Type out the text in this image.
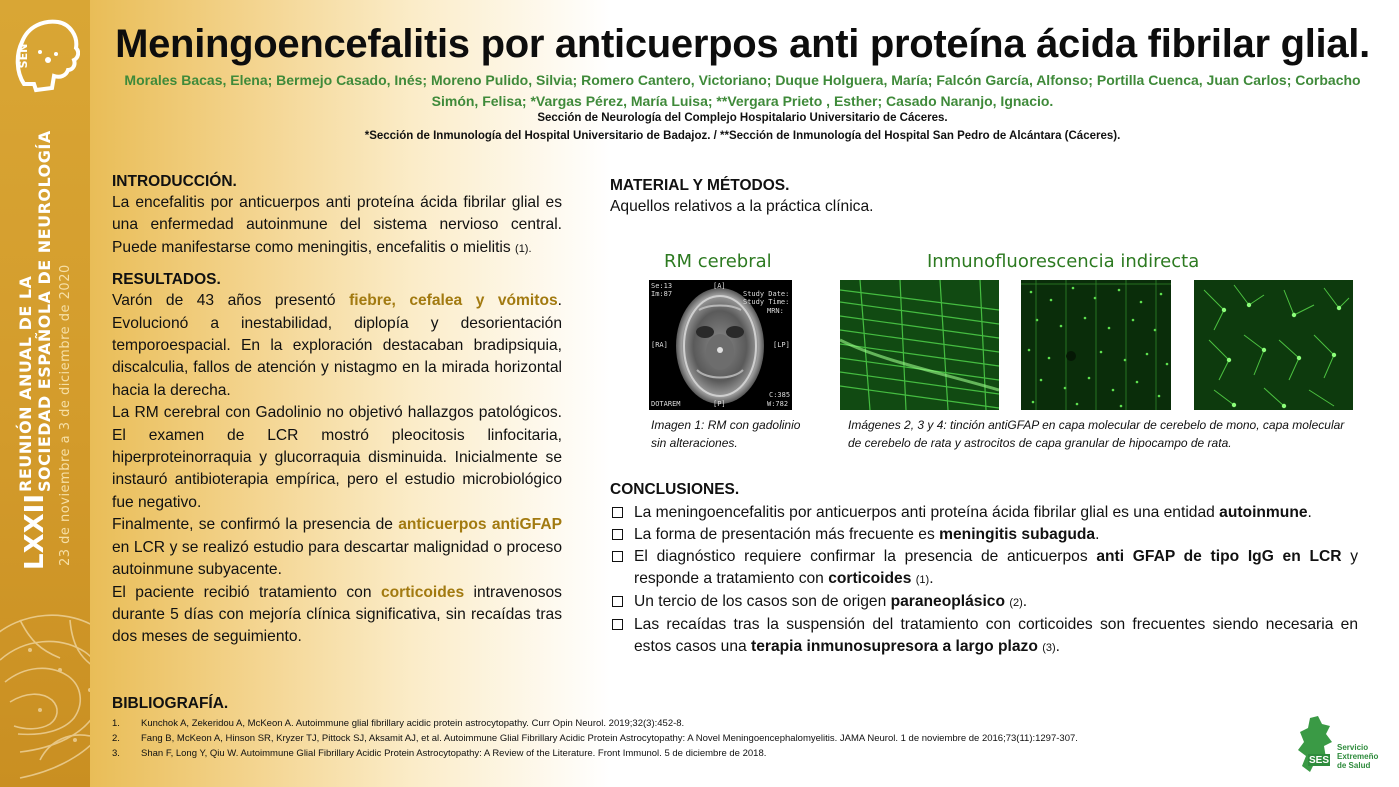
SEN
LXXII
REUNIÓN ANUAL DE LA SOCIEDAD ESPAÑOLA DE NEUROLOGÍA 23 de noviembre a 3 de diciembre de 2020
Meningoencefalitis por anticuerpos anti proteína ácida fibrilar glial.
Morales Bacas, Elena; Bermejo Casado, Inés; Moreno Pulido, Silvia; Romero Cantero, Victoriano; Duque Holguera, María; Falcón García, Alfonso; Portilla Cuenca, Juan Carlos; Corbacho Simón, Felisa; *Vargas Pérez, María Luisa; **Vergara Prieto , Esther; Casado Naranjo, Ignacio.
Sección de Neurología del Complejo Hospitalario Universitario de Cáceres.
*Sección de Inmunología del Hospital Universitario de Badajoz. / **Sección de Inmunología del Hospital San Pedro de Alcántara (Cáceres).
INTRODUCCIÓN.

La encefalitis por anticuerpos anti proteína ácida fibrilar glial es una enfermedad autoinmune del sistema nervioso central. Puede manifestarse como meningitis, encefalitis o mielitis (1).

RESULTADOS.

Varón de 43 años presentó fiebre, cefalea y vómitos. Evolucionó a inestabilidad, diplopía y desorientación temporoespacial. En la exploración destacaban bradipsiquia, discalculia, fallos de atención y nistagmo en la mirada horizontal hacia la derecha.

La RM cerebral con Gadolinio no objetivó hallazgos patológicos. El examen de LCR mostró pleocitosis linfocitaria, hiperproteinorraquia y glucorraquia disminuida. Inicialmente se instauró antibioterapia empírica, pero el estudio microbiológico fue negativo.

Finalmente, se confirmó la presencia de anticuerpos antiGFAP en LCR y se realizó estudio para descartar malignidad o proceso autoinmune subyacente.

El paciente recibió tratamiento con corticoides intravenosos durante 5 días con mejoría clínica significativa, sin recaídas tras dos meses de seguimiento.

MATERIAL Y MÉTODOS.
Aquellos relativos a la práctica clínica.
RM cerebral	Inmunofluorescencia indirecta
Se:13
Im:87
[A]
Study Date:
Study Time:
MRN:
[RA]	[LP]
C:385
W:782
DOTAREM	[P]
Imagen 1: RM con gadolinio sin alteraciones.
Imágenes 2, 3 y 4: tinción antiGFAP en capa molecular de cerebelo de mono, capa molecular de cerebelo de rata y astrocitos de capa granular de hipocampo de rata.
CONCLUSIONES.
La meningoencefalitis por anticuerpos anti proteína ácida fibrilar glial es una entidad autoinmune.
La forma de presentación más frecuente es meningitis subaguda.
El diagnóstico requiere confirmar la presencia de anticuerpos anti GFAP de tipo IgG en LCR y responde a tratamiento con corticoides (1).
Un tercio de los casos son de origen paraneoplásico (2).
Las recaídas tras la suspensión del tratamiento con corticoides son frecuentes siendo necesaria en estos casos una terapia inmunosupresora a largo plazo (3).
BIBLIOGRAFÍA.
1. Kunchok A, Zekeridou A, McKeon A. Autoimmune glial fibrillary acidic protein astrocytopathy. Curr Opin Neurol. 2019;32(3):452-8.
2. Fang B, McKeon A, Hinson SR, Kryzer TJ, Pittock SJ, Aksamit AJ, et al. Autoimmune Glial Fibrillary Acidic Protein Astrocytopathy: A Novel Meningoencephalomyelitis. JAMA Neurol. 1 de noviembre de 2016;73(11):1297-307.
3. Shan F, Long Y, Qiu W. Autoimmune Glial Fibrillary Acidic Protein Astrocytopathy: A Review of the Literature. Front Immunol. 5 de diciembre de 2018.
SES
Servicio
Extremeño
de Salud
